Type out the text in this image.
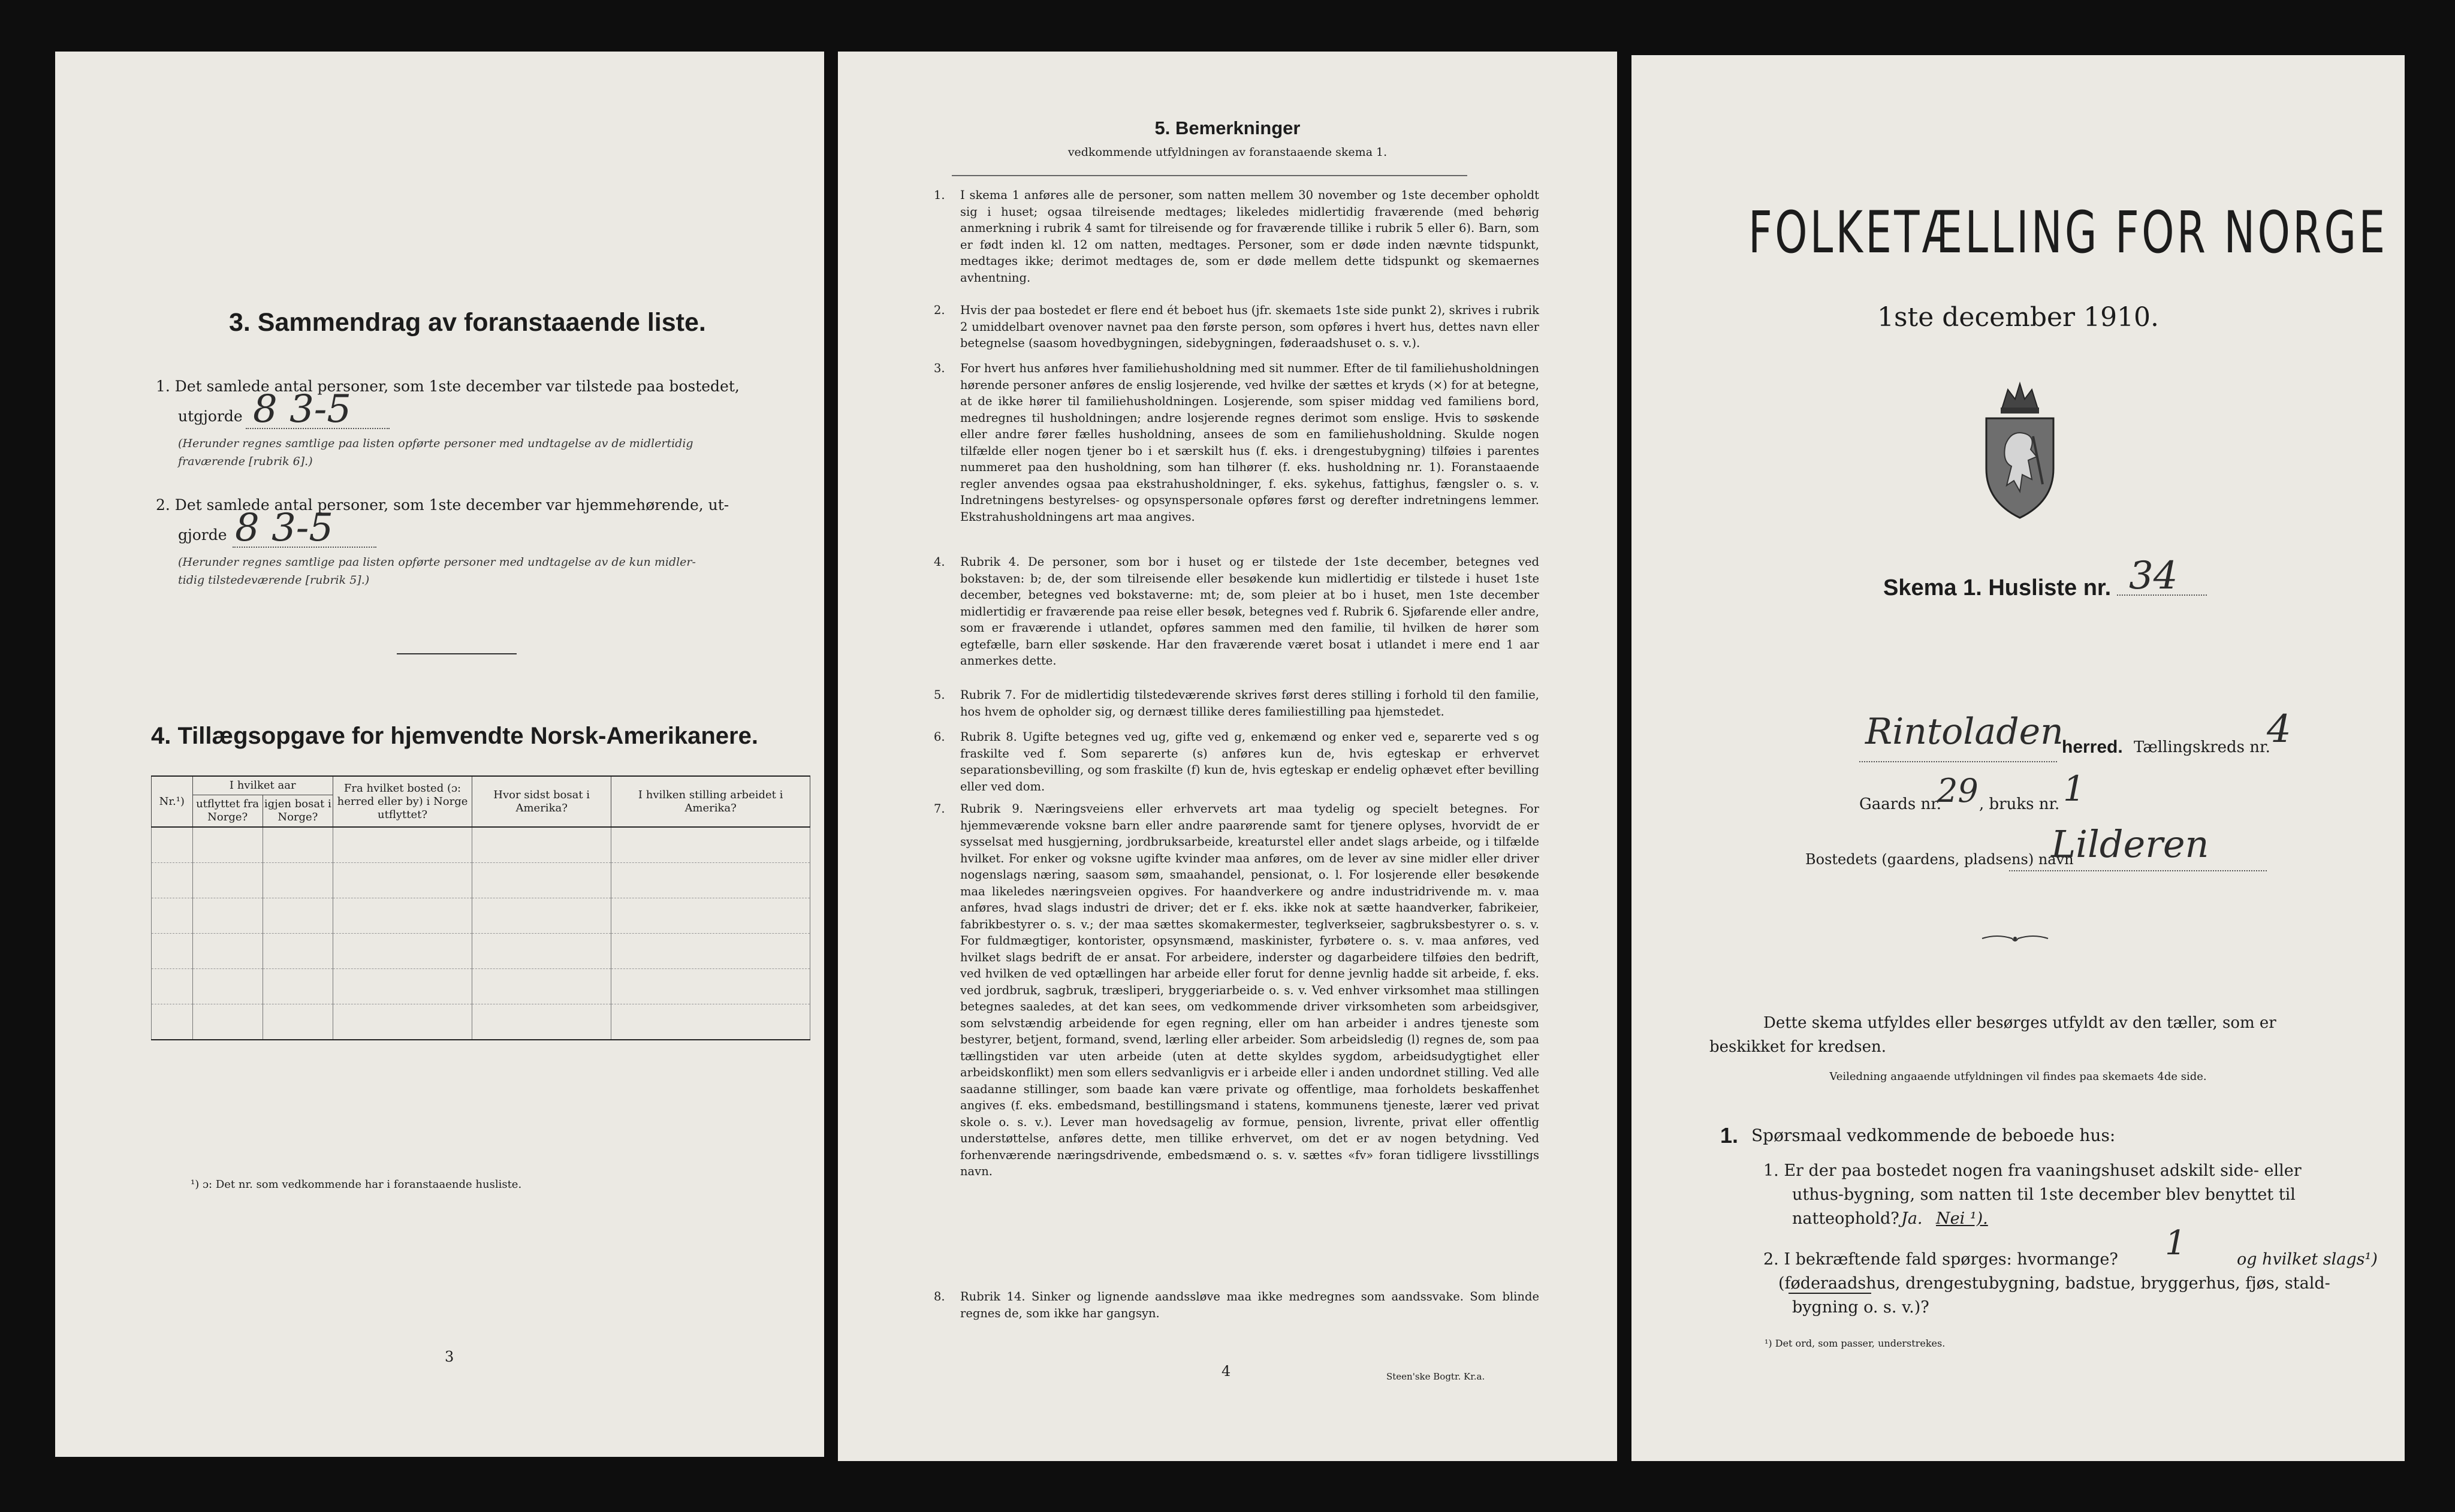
3. Sammendrag av foranstaaende liste.
1. Det samlede antal personer, som 1ste december var tilstede paa bostedet,
utgjorde 8 3-5
(Herunder regnes samtlige paa listen opførte personer med undtagelse av de midlertidig
fraværende [rubrik 6].)
2. Det samlede antal personer, som 1ste december var hjemmehørende, ut-
gjorde 8 3-5
(Herunder regnes samtlige paa listen opførte personer med undtagelse av de kun midler-
tidig tilstedeværende [rubrik 5].)
4. Tillægsopgave for hjemvendte Norsk-Amerikanere.
Nr.¹)	I hvilket aar		Fra hvilket bosted (ɔ: herred eller by) i Norge utflyttet?	Hvor sidst bosat i Amerika?	I hvilken stilling arbeidet i Amerika?
	utflyttet fra Norge?	igjen bosat i Norge?			

¹) ɔ: Det nr. som vedkommende har i foranstaaende husliste.
3
5. Bemerkninger
vedkommende utfyldningen av foranstaaende skema 1.
1. I skema 1 anføres alle de personer, som natten mellem 30 november og 1ste december opholdt sig i huset; ogsaa tilreisende medtages; likeledes midlertidig fraværende (med behørig anmerkning i rubrik 4 samt for tilreisende og for fraværende tillike i rubrik 5 eller 6). Barn, som er født inden kl. 12 om natten, medtages. Personer, som er døde inden nævnte tidspunkt, medtages ikke; derimot medtages de, som er døde mellem dette tidspunkt og skemaernes avhentning.
2. Hvis der paa bostedet er flere end ét beboet hus (jfr. skemaets 1ste side punkt 2), skrives i rubrik 2 umiddelbart ovenover navnet paa den første person, som opføres i hvert hus, dettes navn eller betegnelse (saasom hovedbygningen, sidebygningen, føderaadshuset o. s. v.).
3. For hvert hus anføres hver familiehusholdning med sit nummer. Efter de til familiehusholdningen hørende personer anføres de enslig losjerende, ved hvilke der sættes et kryds (×) for at betegne, at de ikke hører til familiehusholdningen. Losjerende, som spiser middag ved familiens bord, medregnes til husholdningen; andre losjerende regnes derimot som enslige. Hvis to søskende eller andre fører fælles husholdning, ansees de som en familiehusholdning. Skulde nogen tilfælde eller nogen tjener bo i et særskilt hus (f. eks. i drengestubygning) tilføies i parentes nummeret paa den husholdning, som han tilhører (f. eks. husholdning nr. 1). Foranstaaende regler anvendes ogsaa paa ekstrahusholdninger, f. eks. sykehus, fattighus, fængsler o. s. v. Indretningens bestyrelses- og opsynspersonale opføres først og derefter indretningens lemmer. Ekstrahusholdningens art maa angives.
4. Rubrik 4. De personer, som bor i huset og er tilstede der 1ste december, betegnes ved bokstaven: b; de, der som tilreisende eller besøkende kun midlertidig er tilstede i huset 1ste december, betegnes ved bokstaverne: mt; de, som pleier at bo i huset, men 1ste december midlertidig er fraværende paa reise eller besøk, betegnes ved f. Rubrik 6. Sjøfarende eller andre, som er fraværende i utlandet, opføres sammen med den familie, til hvilken de hører som egtefælle, barn eller søskende. Har den fraværende været bosat i utlandet i mere end 1 aar anmerkes dette.
5. Rubrik 7. For de midlertidig tilstedeværende skrives først deres stilling i forhold til den familie, hos hvem de opholder sig, og dernæst tillike deres familiestilling paa hjemstedet.
6. Rubrik 8. Ugifte betegnes ved ug, gifte ved g, enkemænd og enker ved e, separerte ved s og fraskilte ved f. Som separerte (s) anføres kun de, hvis egteskap er erhvervet separationsbevilling, og som fraskilte (f) kun de, hvis egteskap er endelig ophævet efter bevilling eller ved dom.
7. Rubrik 9. Næringsveiens eller erhvervets art maa tydelig og specielt betegnes. For hjemmeværende voksne barn eller andre paarørende samt for tjenere oplyses, hvorvidt de er sysselsat med husgjerning, jordbruksarbeide, kreaturstel eller andet slags arbeide, og i tilfælde hvilket. For enker og voksne ugifte kvinder maa anføres, om de lever av sine midler eller driver nogenslags næring, saasom søm, smaahandel, pensionat, o. l. For losjerende eller besøkende maa likeledes næringsveien opgives. For haandverkere og andre industridrivende m. v. maa anføres, hvad slags industri de driver; det er f. eks. ikke nok at sætte haandverker, fabrikeier, fabrikbestyrer o. s. v.; der maa sættes skomakermester, teglverkseier, sagbruksbestyrer o. s. v. For fuldmægtiger, kontorister, opsynsmænd, maskinister, fyrbøtere o. s. v. maa anføres, ved hvilket slags bedrift de er ansat. For arbeidere, inderster og dagarbeidere tilføies den bedrift, ved hvilken de ved optællingen har arbeide eller forut for denne jevnlig hadde sit arbeide, f. eks. ved jordbruk, sagbruk, træsliperi, bryggeriarbeide o. s. v. Ved enhver virksomhet maa stillingen betegnes saaledes, at det kan sees, om vedkommende driver virksomheten som arbeidsgiver, som selvstændig arbeidende for egen regning, eller om han arbeider i andres tjeneste som bestyrer, betjent, formand, svend, lærling eller arbeider. Som arbeidsledig (l) regnes de, som paa tællingstiden var uten arbeide (uten at dette skyldes sygdom, arbeidsudygtighet eller arbeidskonflikt) men som ellers sedvanligvis er i arbeide eller i anden undordnet stilling. Ved alle saadanne stillinger, som baade kan være private og offentlige, maa forholdets beskaffenhet angives (f. eks. embedsmand, bestillingsmand i statens, kommunens tjeneste, lærer ved privat skole o. s. v.). Lever man hovedsagelig av formue, pension, livrente, privat eller offentlig understøttelse, anføres dette, men tillike erhvervet, om det er av nogen betydning. Ved forhenværende næringsdrivende, embedsmænd o. s. v. sættes «fv» foran tidligere livsstillings navn.
8. Rubrik 14. Sinker og lignende aandssløve maa ikke medregnes som aandssvake. Som blinde regnes de, som ikke har gangsyn.
4	Steen'ske Bogtr. Kr.a.
FOLKETÆLLING FOR NORGE
1ste december 1910.
Skema 1. Husliste nr. 34
Rintoladen
herred. Tællingskreds nr.
4
Gaards nr.
29 , bruks nr. 1
Bostedets (gaardens, pladsens) navn
Lilderen
Dette skema utfyldes eller besørges utfyldt av den tæller, som er
beskikket for kredsen.
Veiledning angaaende utfyldningen vil findes paa skemaets 4de side.
1. Spørsmaal vedkommende de beboede hus:
1. Er der paa bostedet nogen fra vaaningshuset adskilt side- eller
uthus-bygning, som natten til 1ste december blev benyttet til
natteophold? Ja. Nei ¹).
2. I bekræftende fald spørges: hvormange? 1	og hvilket slags¹)
(føderaadshus, drengestubygning, badstue, bryggerhus, fjøs, stald-
bygning o. s. v.)?
¹) Det ord, som passer, understrekes.
